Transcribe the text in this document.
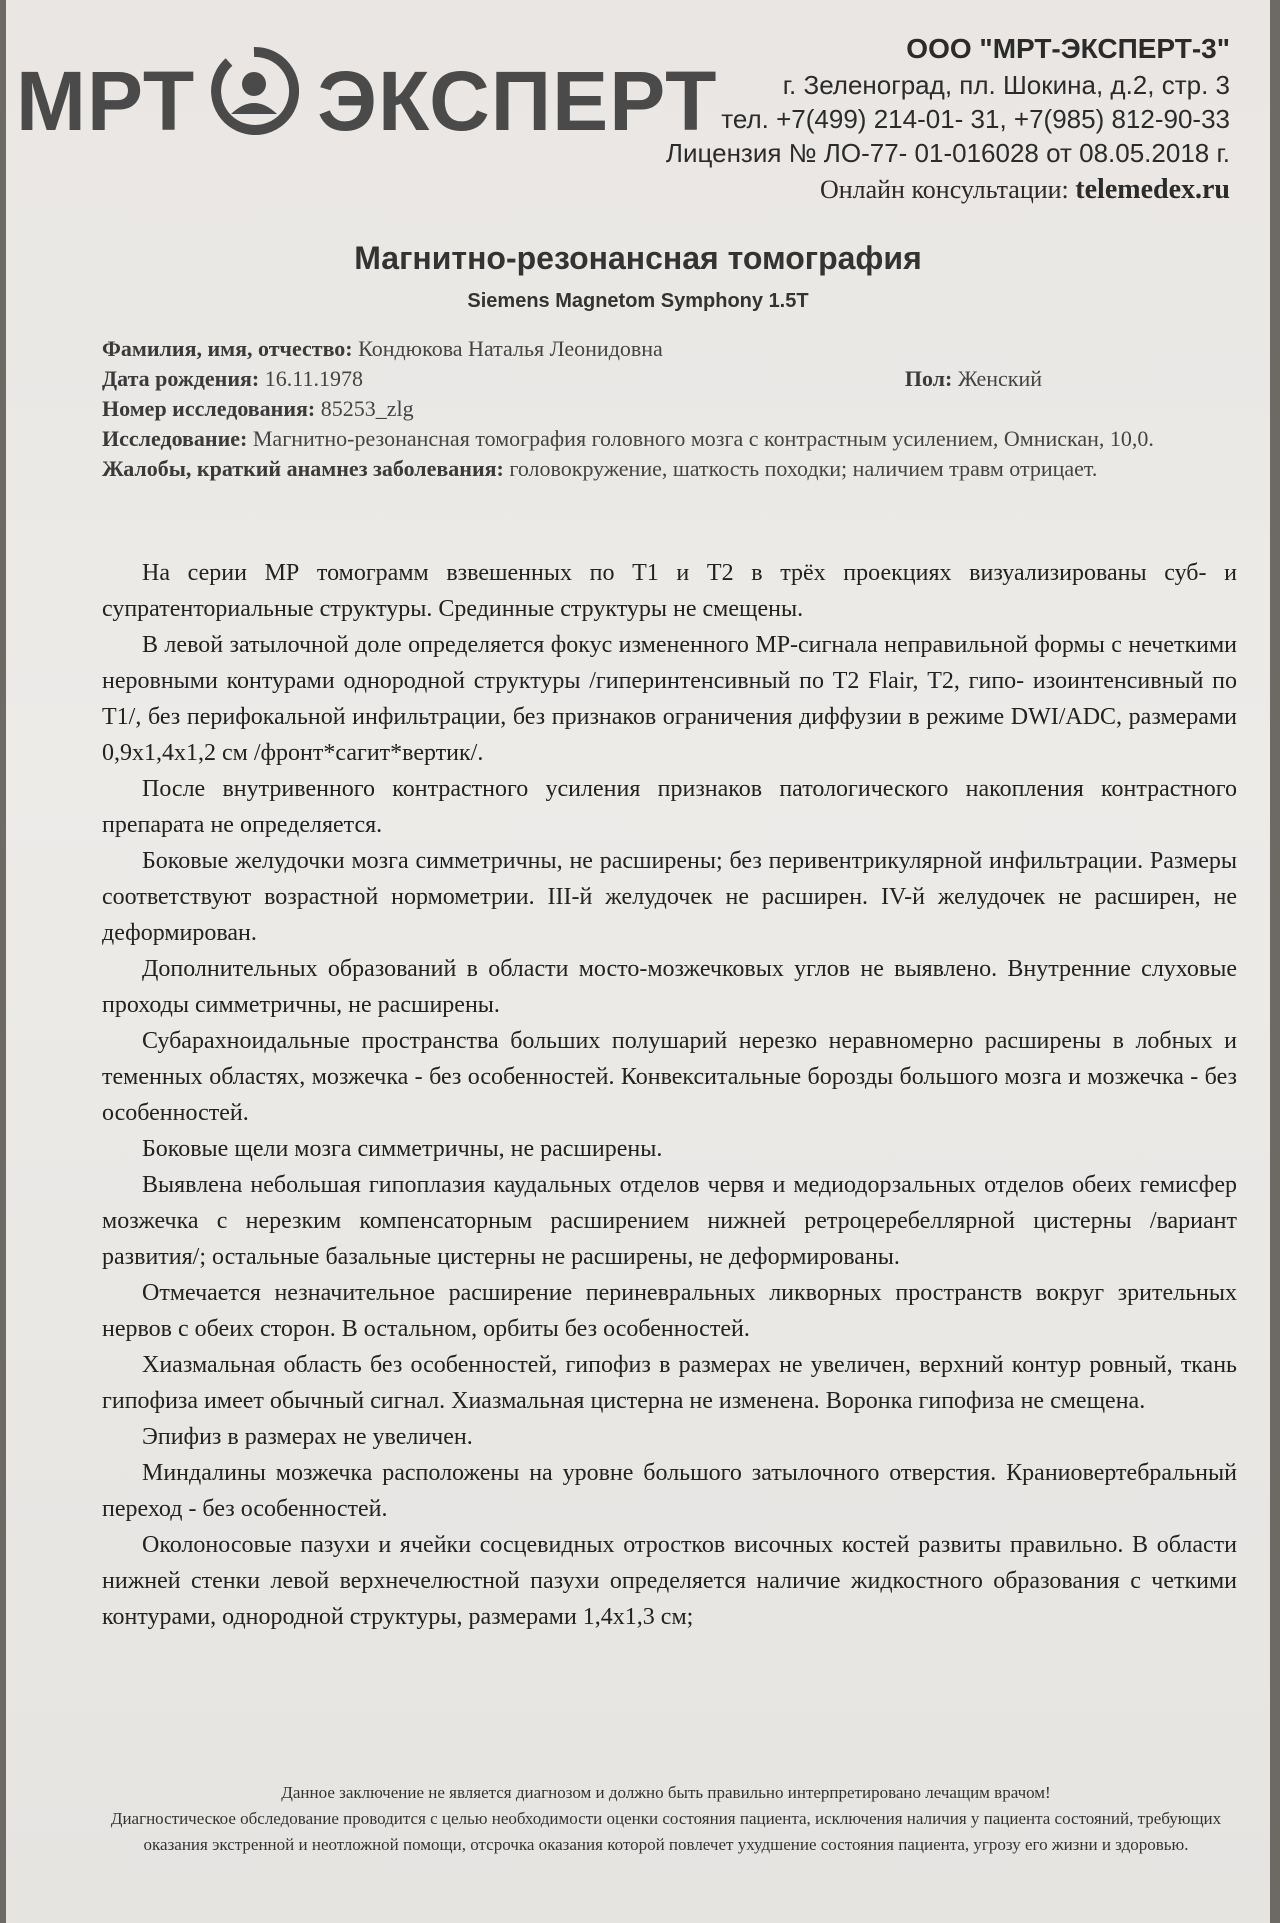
МРТ ЭКСПЕРТ
ООО "МРТ-ЭКСПЕРТ-3"
г. Зеленоград, пл. Шокина, д.2, стр. 3
тел. +7(499) 214-01- 31, +7(985) 812-90-33
Лицензия № ЛО-77- 01-016028 от 08.05.2018 г.
Онлайн консультации: telemedex.ru
Магнитно-резонансная томография
Siemens Magnetom Symphony 1.5T
Фамилия, имя, отчество: Кондюкова Наталья Леонидовна
Дата рождения: 16.11.1978	Пол: Женский
Номер исследования: 85253_zlg
Исследование: Магнитно-резонансная томография головного мозга с контрастным усилением, Омнискан, 10,0.
Жалобы, краткий анамнез заболевания: головокружение, шаткость походки; наличием травм отрицает.

На серии МР томограмм взвешенных по Т1 и Т2 в трёх проекциях визуализированы суб- и супратенториальные структуры. Срединные структуры не смещены.

В левой затылочной доле определяется фокус измененного МР-сигнала неправильной формы с нечеткими неровными контурами однородной структуры /гиперинтенсивный по Т2 Flair, Т2, гипо- изоинтенсивный по Т1/, без перифокальной инфильтрации, без признаков ограничения диффузии в режиме DWI/ADC, размерами 0,9х1,4х1,2 см /фронт*сагит*вертик/.

После внутривенного контрастного усиления признаков патологического накопления контрастного препарата не определяется.

Боковые желудочки мозга симметричны, не расширены; без перивентрикулярной инфильтрации. Размеры соответствуют возрастной нормометрии. III-й желудочек не расширен. IV-й желудочек не расширен, не деформирован.

Дополнительных образований в области мосто-мозжечковых углов не выявлено. Внутренние слуховые проходы симметричны, не расширены.

Субарахноидальные пространства больших полушарий нерезко неравномерно расширены в лобных и теменных областях, мозжечка - без особенностей. Конвекситальные борозды большого мозга и мозжечка - без особенностей.

Боковые щели мозга симметричны, не расширены.

Выявлена небольшая гипоплазия каудальных отделов червя и медиодорзальных отделов обеих гемисфер мозжечка с нерезким компенсаторным расширением нижней ретроцеребеллярной цистерны /вариант развития/; остальные базальные цистерны не расширены, не деформированы.

Отмечается незначительное расширение периневральных ликворных пространств вокруг зрительных нервов с обеих сторон. В остальном, орбиты без особенностей.

Хиазмальная область без особенностей, гипофиз в размерах не увеличен, верхний контур ровный, ткань гипофиза имеет обычный сигнал. Хиазмальная цистерна не изменена. Воронка гипофиза не смещена.

Эпифиз в размерах не увеличен.

Миндалины мозжечка расположены на уровне большого затылочного отверстия. Краниовертебральный переход - без особенностей.

Околоносовые пазухи и ячейки сосцевидных отростков височных костей развиты правильно. В области нижней стенки левой верхнечелюстной пазухи определяется наличие жидкостного образования с четкими контурами, однородной структуры, размерами 1,4х1,3 см;

Данное заключение не является диагнозом и должно быть правильно интерпретировано лечащим врачом!
Диагностическое обследование проводится с целью необходимости оценки состояния пациента, исключения наличия у пациента состояний, требующих оказания экстренной и неотложной помощи, отсрочка оказания которой повлечет ухудшение состояния пациента, угрозу его жизни и здоровью.
